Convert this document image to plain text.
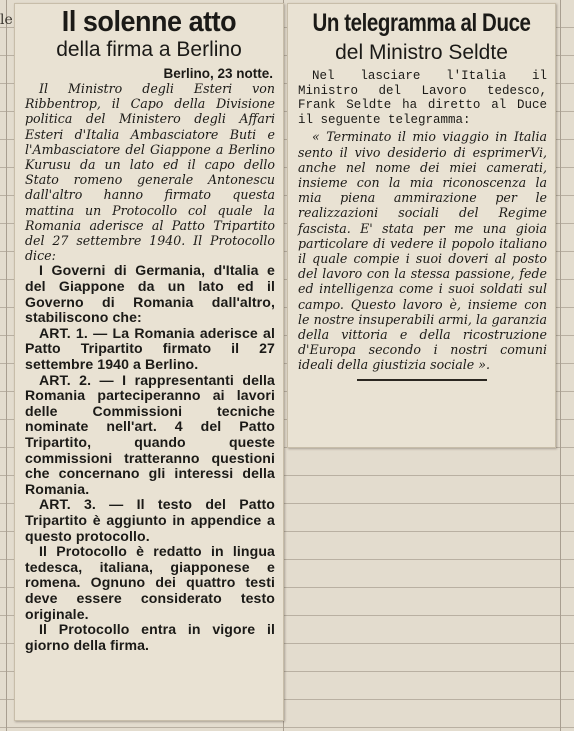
le	Il solenne atto
della firma a Berlino
Berlino, 23 notte.

Il Ministro degli Esteri von Ribbentrop, il Capo della Divisione politica del Ministero degli Affari Esteri d'Italia Ambasciatore Buti e l'Ambasciatore del Giappone a Berlino Kurusu da un lato ed il capo dello Stato romeno generale Antonescu dall'altro hanno firmato questa mattina un Protocollo col quale la Romania aderisce al Patto Tripartito del 27 settembre 1940. Il Protocollo dice:

I Governi di Germania, d'Italia e del Giappone da un lato ed il Governo di Romania dall'altro, stabiliscono che:

ART. 1. — La Romania aderisce al Patto Tripartito firmato il 27 settembre 1940 a Berlino.

ART. 2. — I rappresentanti della Romania parteciperanno ai lavori delle Commissioni tecniche nominate nell'art. 4 del Patto Tripartito, quando queste commissioni tratteranno questioni che concernano gli interessi della Romania.

ART. 3. — Il testo del Patto Tripartito è aggiunto in appendice a questo protocollo.

Il Protocollo è redatto in lingua tedesca, italiana, giapponese e romena. Ognuno dei quattro testi deve essere considerato testo originale.

Il Protocollo entra in vigore il giorno della firma.

Un telegramma al Duce
del Ministro Seldte

Nel lasciare l'Italia il Ministro del Lavoro tedesco, Frank Seldte ha diretto al Duce il seguente telegramma:

« Terminato il mio viaggio in Italia sento il vivo desiderio di esprimerVi, anche nel nome dei miei camerati, insieme con la mia riconoscenza la mia piena ammirazione per le realizzazioni sociali del Regime fascista. E' stata per me una gioia particolare di vedere il popolo italiano il quale compie i suoi doveri al posto del lavoro con la stessa passione, fede ed intelligenza come i suoi soldati sul campo. Questo lavoro è, insieme con le nostre insuperabili armi, la garanzia della vittoria e della ricostruzione d'Europa secondo i nostri comuni ideali della giustizia sociale ».
